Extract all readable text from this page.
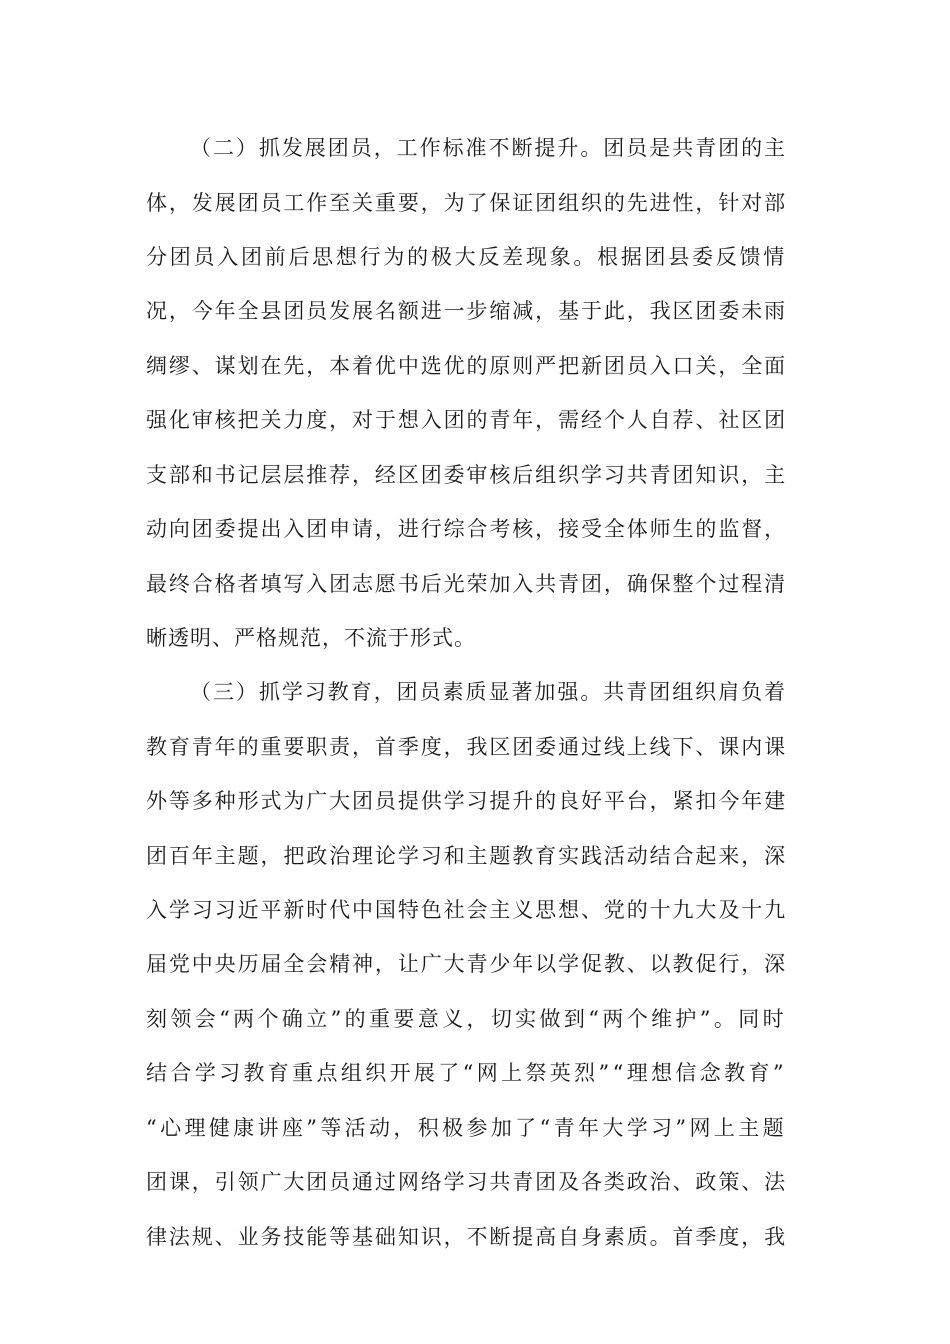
（二）抓发展团员，工作标准不断提升。团员是共青团的主
体，发展团员工作至关重要，为了保证团组织的先进性，针对部
分团员入团前后思想行为的极大反差现象。根据团县委反馈情
况，今年全县团员发展名额进一步缩减，基于此，我区团委未雨
绸缪、谋划在先，本着优中选优的原则严把新团员入口关，全面
强化审核把关力度，对于想入团的青年，需经个人自荐、社区团
支部和书记层层推荐，经区团委审核后组织学习共青团知识，主
动向团委提出入团申请，进行综合考核，接受全体师生的监督，
最终合格者填写入团志愿书后光荣加入共青团，确保整个过程清
晰透明、严格规范，不流于形式。
（三）抓学习教育，团员素质显著加强。共青团组织肩负着
教育青年的重要职责，首季度，我区团委通过线上线下、课内课
外等多种形式为广大团员提供学习提升的良好平台，紧扣今年建
团百年主题，把政治理论学习和主题教育实践活动结合起来，深
入学习习近平新时代中国特色社会主义思想、党的十九大及十九
届党中央历届全会精神，让广大青少年以学促教、以教促行，深
刻领会“两个确立”的重要意义，切实做到“两个维护”。同时
结合学习教育重点组织开展了“网上祭英烈”“理想信念教育”
“心理健康讲座”等活动，积极参加了“青年大学习”网上主题
团课，引领广大团员通过网络学习共青团及各类政治、政策、法
律法规、业务技能等基础知识，不断提高自身素质。首季度，我
